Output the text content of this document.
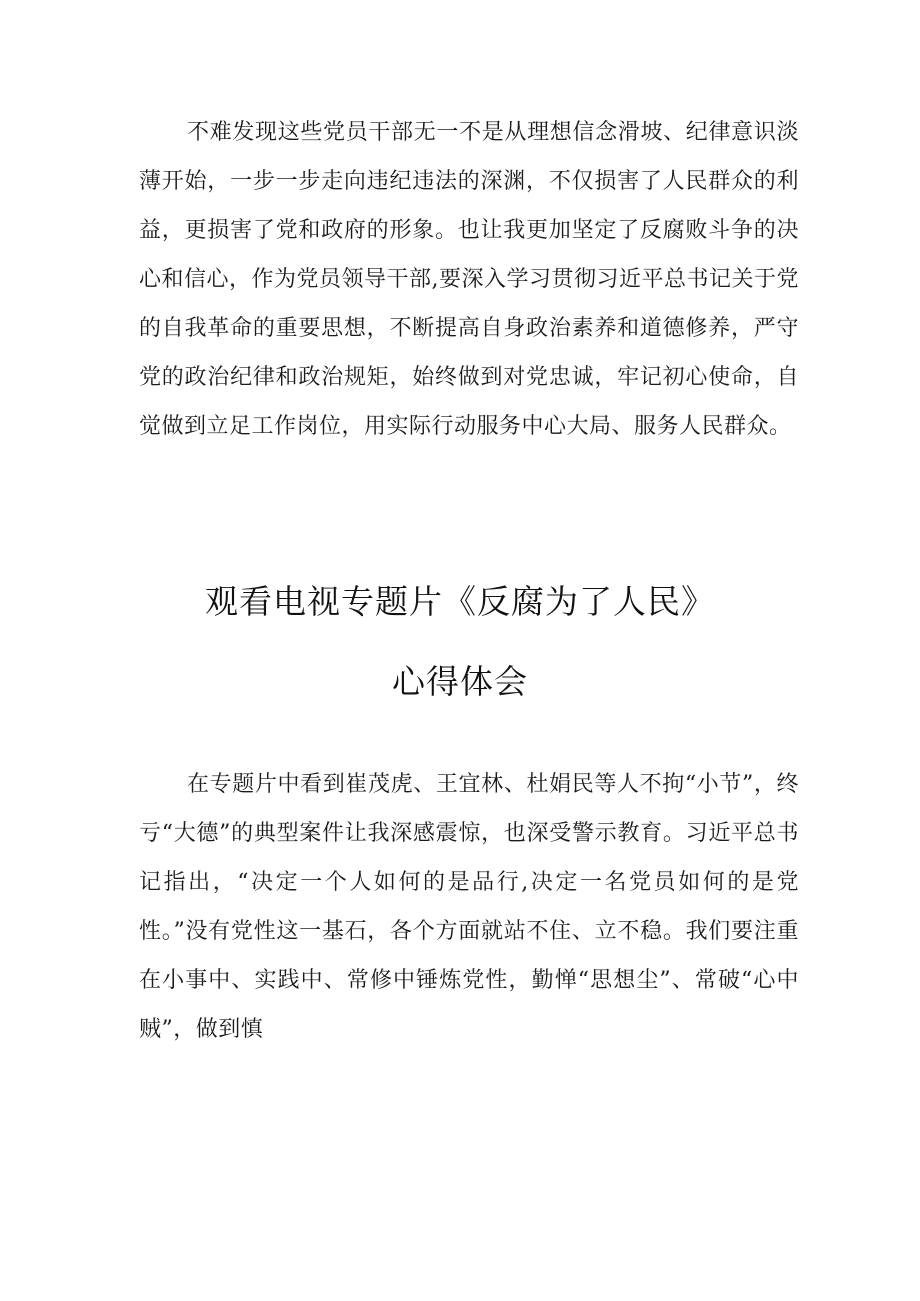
不难发现这些党员干部无一不是从理想信念滑坡、纪律意识淡薄开始，一步一步走向违纪违法的深渊，不仅损害了人民群众的利益，更损害了党和政府的形象。也让我更加坚定了反腐败斗争的决心和信心，作为党员领导干部,要深入学习贯彻习近平总书记关于党的自我革命的重要思想，不断提高自身政治素养和道德修养，严守党的政治纪律和政治规矩，始终做到对党忠诚，牢记初心使命，自觉做到立足工作岗位，用实际行动服务中心大局、服务人民群众。

观看电视专题片《反腐为了人民》
心得体会

在专题片中看到崔茂虎、王宜林、杜娟民等人不拘“小节”，终亏“大德”的典型案件让我深感震惊，也深受警示教育。习近平总书记指出，“决定一个人如何的是品行,决定一名党员如何的是党性。”没有党性这一基石，各个方面就站不住、立不稳。我们要注重在小事中、实践中、常修中锤炼党性，勤惮“思想尘”、常破“心中贼”，做到慎
